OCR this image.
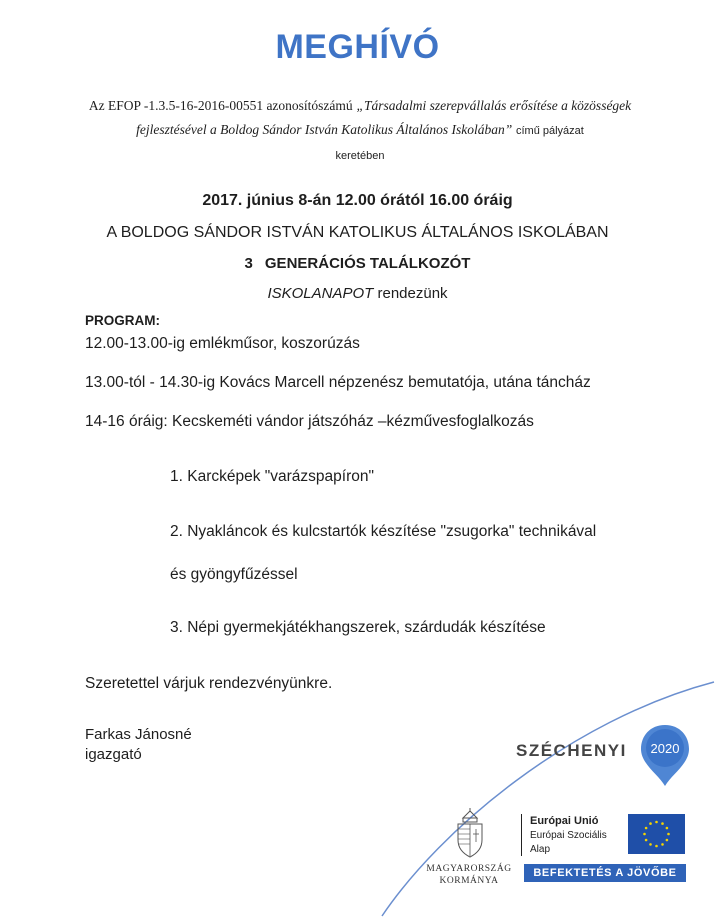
MEGHÍVÓ
Az EFOP -1.3.5-16-2016-00551 azonosítószámú „Társadalmi szerepvállalás erősítése a közösségek fejlesztésével a Boldog Sándor István Katolikus Általános Iskolában” című pályázat
keretében
2017. június 8-án 12.00 órától 16.00 óráig
A BOLDOG SÁNDOR ISTVÁN KATOLIKUS ÁLTALÁNOS ISKOLÁBAN
3 GENERÁCIÓS TALÁLKOZÓT
ISKOLANAPOT rendezünk
PROGRAM:
12.00-13.00-ig emlékműsor, koszorúzás
13.00-tól - 14.30-ig Kovács Marcell népzenész bemutatója, utána táncház
14-16 óráig: Kecskeméti vándor játszóház –kézművesfoglalkozás
1. Karcképek "varázspapíron"
2. Nyakláncok és kulcstartók készítése "zsugorka" technikával
és gyöngyfűzéssel
3. Népi gyermekjátékhangszerek, szárdudák készítése
Szeretettel várjuk rendezvényünkre.
Farkas Jánosné
igazgató	SZÉCHENYI 2020
MAGYARORSZÁG
KORMÁNYA
Európai Unió
Európai Szociális
Alap
BEFEKTETÉS A JÖVŐBE
